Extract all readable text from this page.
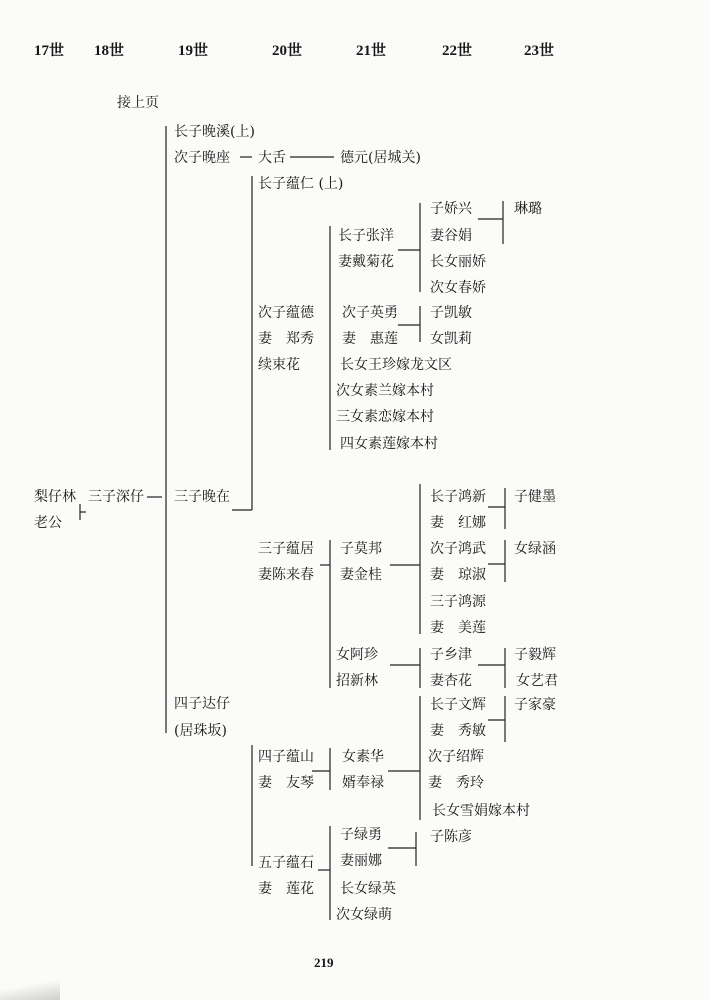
17世 18世	19世	20世	21世	22世	23世
接上页
梨仔林
老公
三子深仔
长子晚溪(上)
次子晚座
三子晚在
四子达仔
(居珠坂)
大舌	德元(居城关)
长子蕴仁 (上)
次子蕴德
妻　郑秀
续束花
三子蕴居
妻陈来春
四子蕴山
妻　友琴
五子蕴石
妻　莲花
长子张洋
妻戴菊花
次子英勇
妻　惠莲
长女王珍嫁龙文区
次女素兰嫁本村
三女素恋嫁本村
四女素莲嫁本村
子莫邦
妻金桂
女阿珍
招新林
女素华
婿奉禄
子绿勇
妻丽娜
长女绿英
次女绿萌
子娇兴
妻谷娟
长女丽娇
次女春娇
子凯敏
女凯莉
长子鸿新
妻　红娜
次子鸿武
妻　琼淑
三子鸿源
妻　美莲
子乡津
妻杏花
长子文辉
妻　秀敏
次子绍辉
妻　秀玲
长女雪娟嫁本村
子陈彦
琳璐
子健墨
女绿涵
子毅辉
女艺君
子家豪
219
